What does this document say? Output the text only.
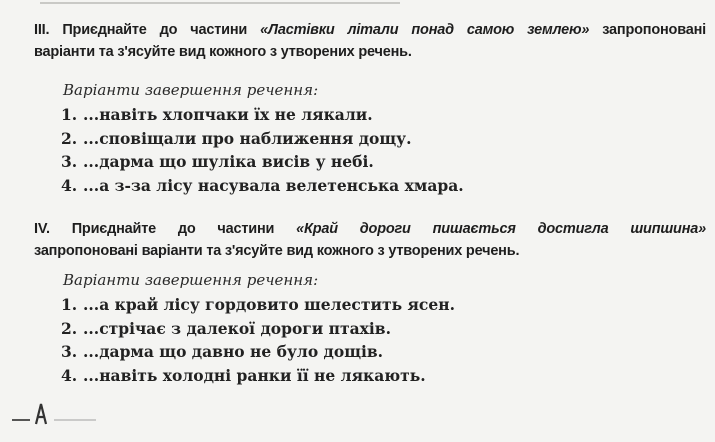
III. Приєднайте до частини «Ластівки літали понад самою землею» запропоновані
варіанти та з'ясуйте вид кожного з утворених речень.
Варіанти завершення речення:
1. ...навіть хлопчаки їх не лякали.
2. ...сповіщали про наближення дощу.
3. ...дарма що шуліка висів у небі.
4. ...а з-за лісу насувала велетенська хмара.
IV. Приєднайте до частини «Край дороги пишається достигла шипшина»
запропоновані варіанти та з'ясуйте вид кожного з утворених речень.
Варіанти завершення речення:
1. ...а край лісу гордовито шелестить ясен.
2. ...стрічає з далекої дороги птахів.
3. ...дарма що давно не було дощів.
4. ...навіть холодні ранки її не лякають.
